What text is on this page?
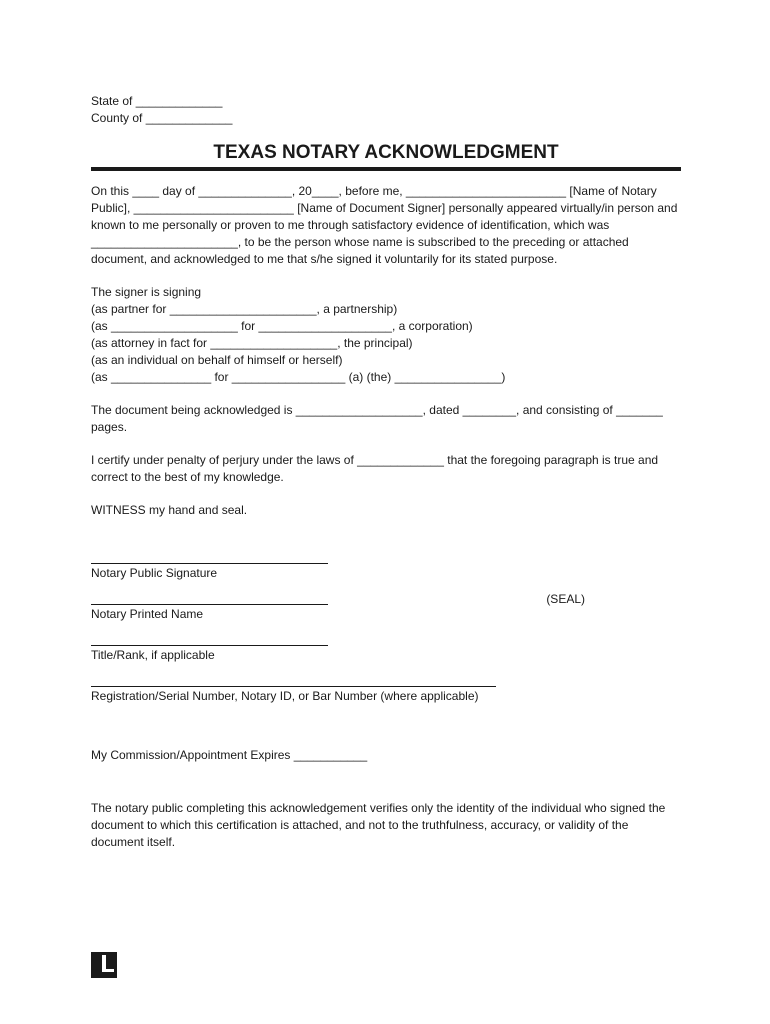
State of _____________
County of _____________
TEXAS NOTARY ACKNOWLEDGMENT

On this ____ day of ______________, 20____, before me, ________________________ [Name of Notary Public], ________________________ [Name of Document Signer] personally appeared virtually/in person and known to me personally or proven to me through satisfactory evidence of identification, which was ______________________, to be the person whose name is subscribed to the preceding or attached document, and acknowledged to me that s/he signed it voluntarily for its stated purpose.

The signer is signing
(as partner for ______________________, a partnership)
(as ___________________ for ____________________, a corporation)
(as attorney in fact for ___________________, the principal)
(as an individual on behalf of himself or herself)
(as _______________ for _________________ (a) (the) ________________)

The document being acknowledged is ___________________, dated ________, and consisting of _______ pages.

I certify under penalty of perjury under the laws of _____________ that the foregoing paragraph is true and correct to the best of my knowledge.

WITNESS my hand and seal.

Notary Public Signature
Notary Printed Name
(SEAL)
Title/Rank, if applicable
Registration/Serial Number, Notary ID, or Bar Number (where applicable)

My Commission/Appointment Expires ___________

The notary public completing this acknowledgement verifies only the identity of the individual who signed the document to which this certification is attached, and not to the truthfulness, accuracy, or validity of the document itself.
